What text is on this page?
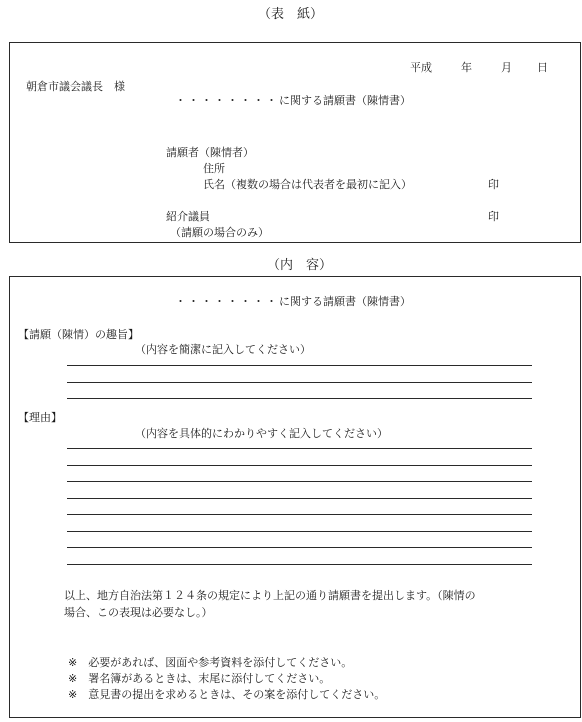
（表　紙）
平成	年	月 日
朝倉市議会議長　様
・・・・・・・・に関する請願書（陳情書）
請願者（陳情者）
住所
氏名（複数の場合は代表者を最初に記入）	印
紹介議員	印
（請願の場合のみ）
（内　容）
・・・・・・・・に関する請願書（陳情書）
【請願（陳情）の趣旨】
（内容を簡潔に記入してください）
【理由】
（内容を具体的にわかりやすく記入してください）
以上、地方自治法第１２４条の規定により上記の通り請願書を提出します。（陳情の
場合、この表現は必要なし。）
※　必要があれば、図面や参考資料を添付してください。
※　署名簿があるときは、末尾に添付してください。
※　意見書の提出を求めるときは、その案を添付してください。
